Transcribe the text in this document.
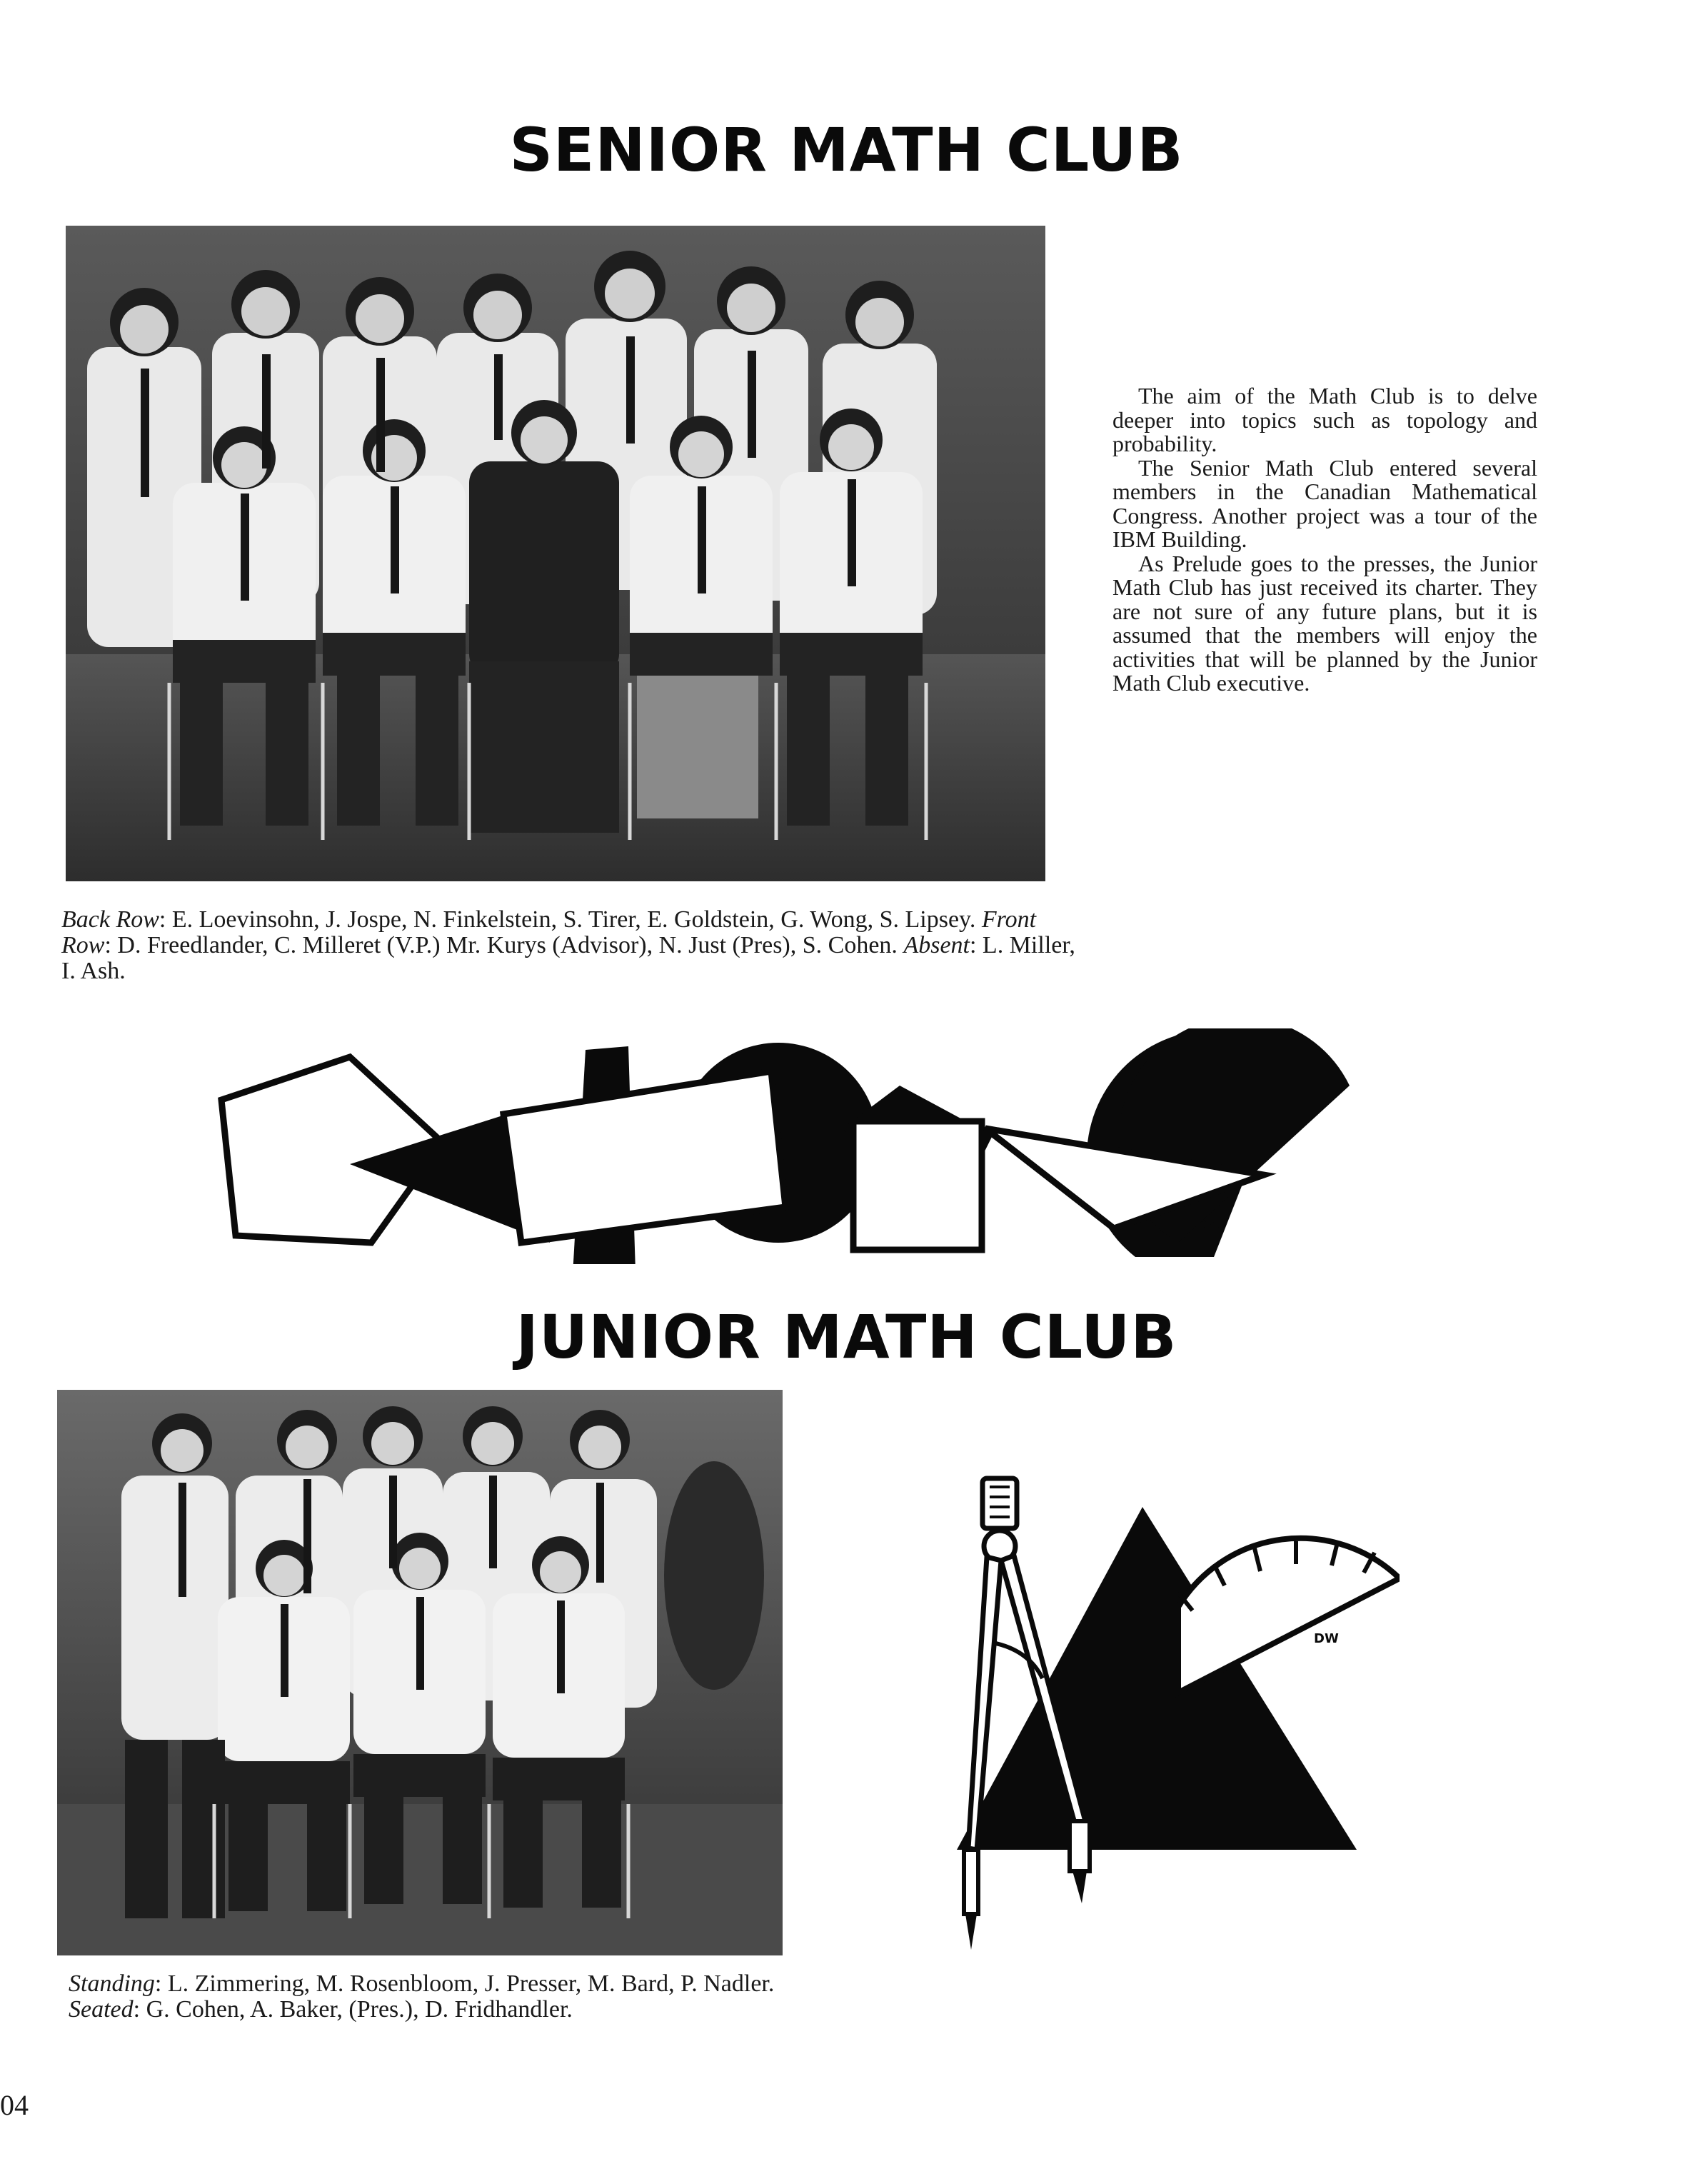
SENIOR MATH CLUB

The aim of the Math Club is to delve deeper into topics such as topology and probability.

The Senior Math Club entered several members in the Canadian Mathematical Congress. Another project was a tour of the IBM Building.

As Prelude goes to the presses, the Junior Math Club has just received its charter. They are not sure of any future plans, but it is assumed that the members will enjoy the activities that will be planned by the Junior Math Club executive.

Back Row: E. Loevinsohn, J. Jospe, N. Finkelstein, S. Tirer, E. Goldstein, G. Wong, S. Lipsey. Front Row: D. Freedlander, C. Milleret (V.P.) Mr. Kurys (Advisor), N. Just (Pres), S. Cohen. Absent: L. Miller, I. Ash.
DW
JUNIOR MATH CLUB
Standing: L. Zimmering, M. Rosenbloom, J. Presser, M. Bard, P. Nadler. Seated: G. Cohen, A. Baker, (Pres.), D. Fridhandler.
DW
04
